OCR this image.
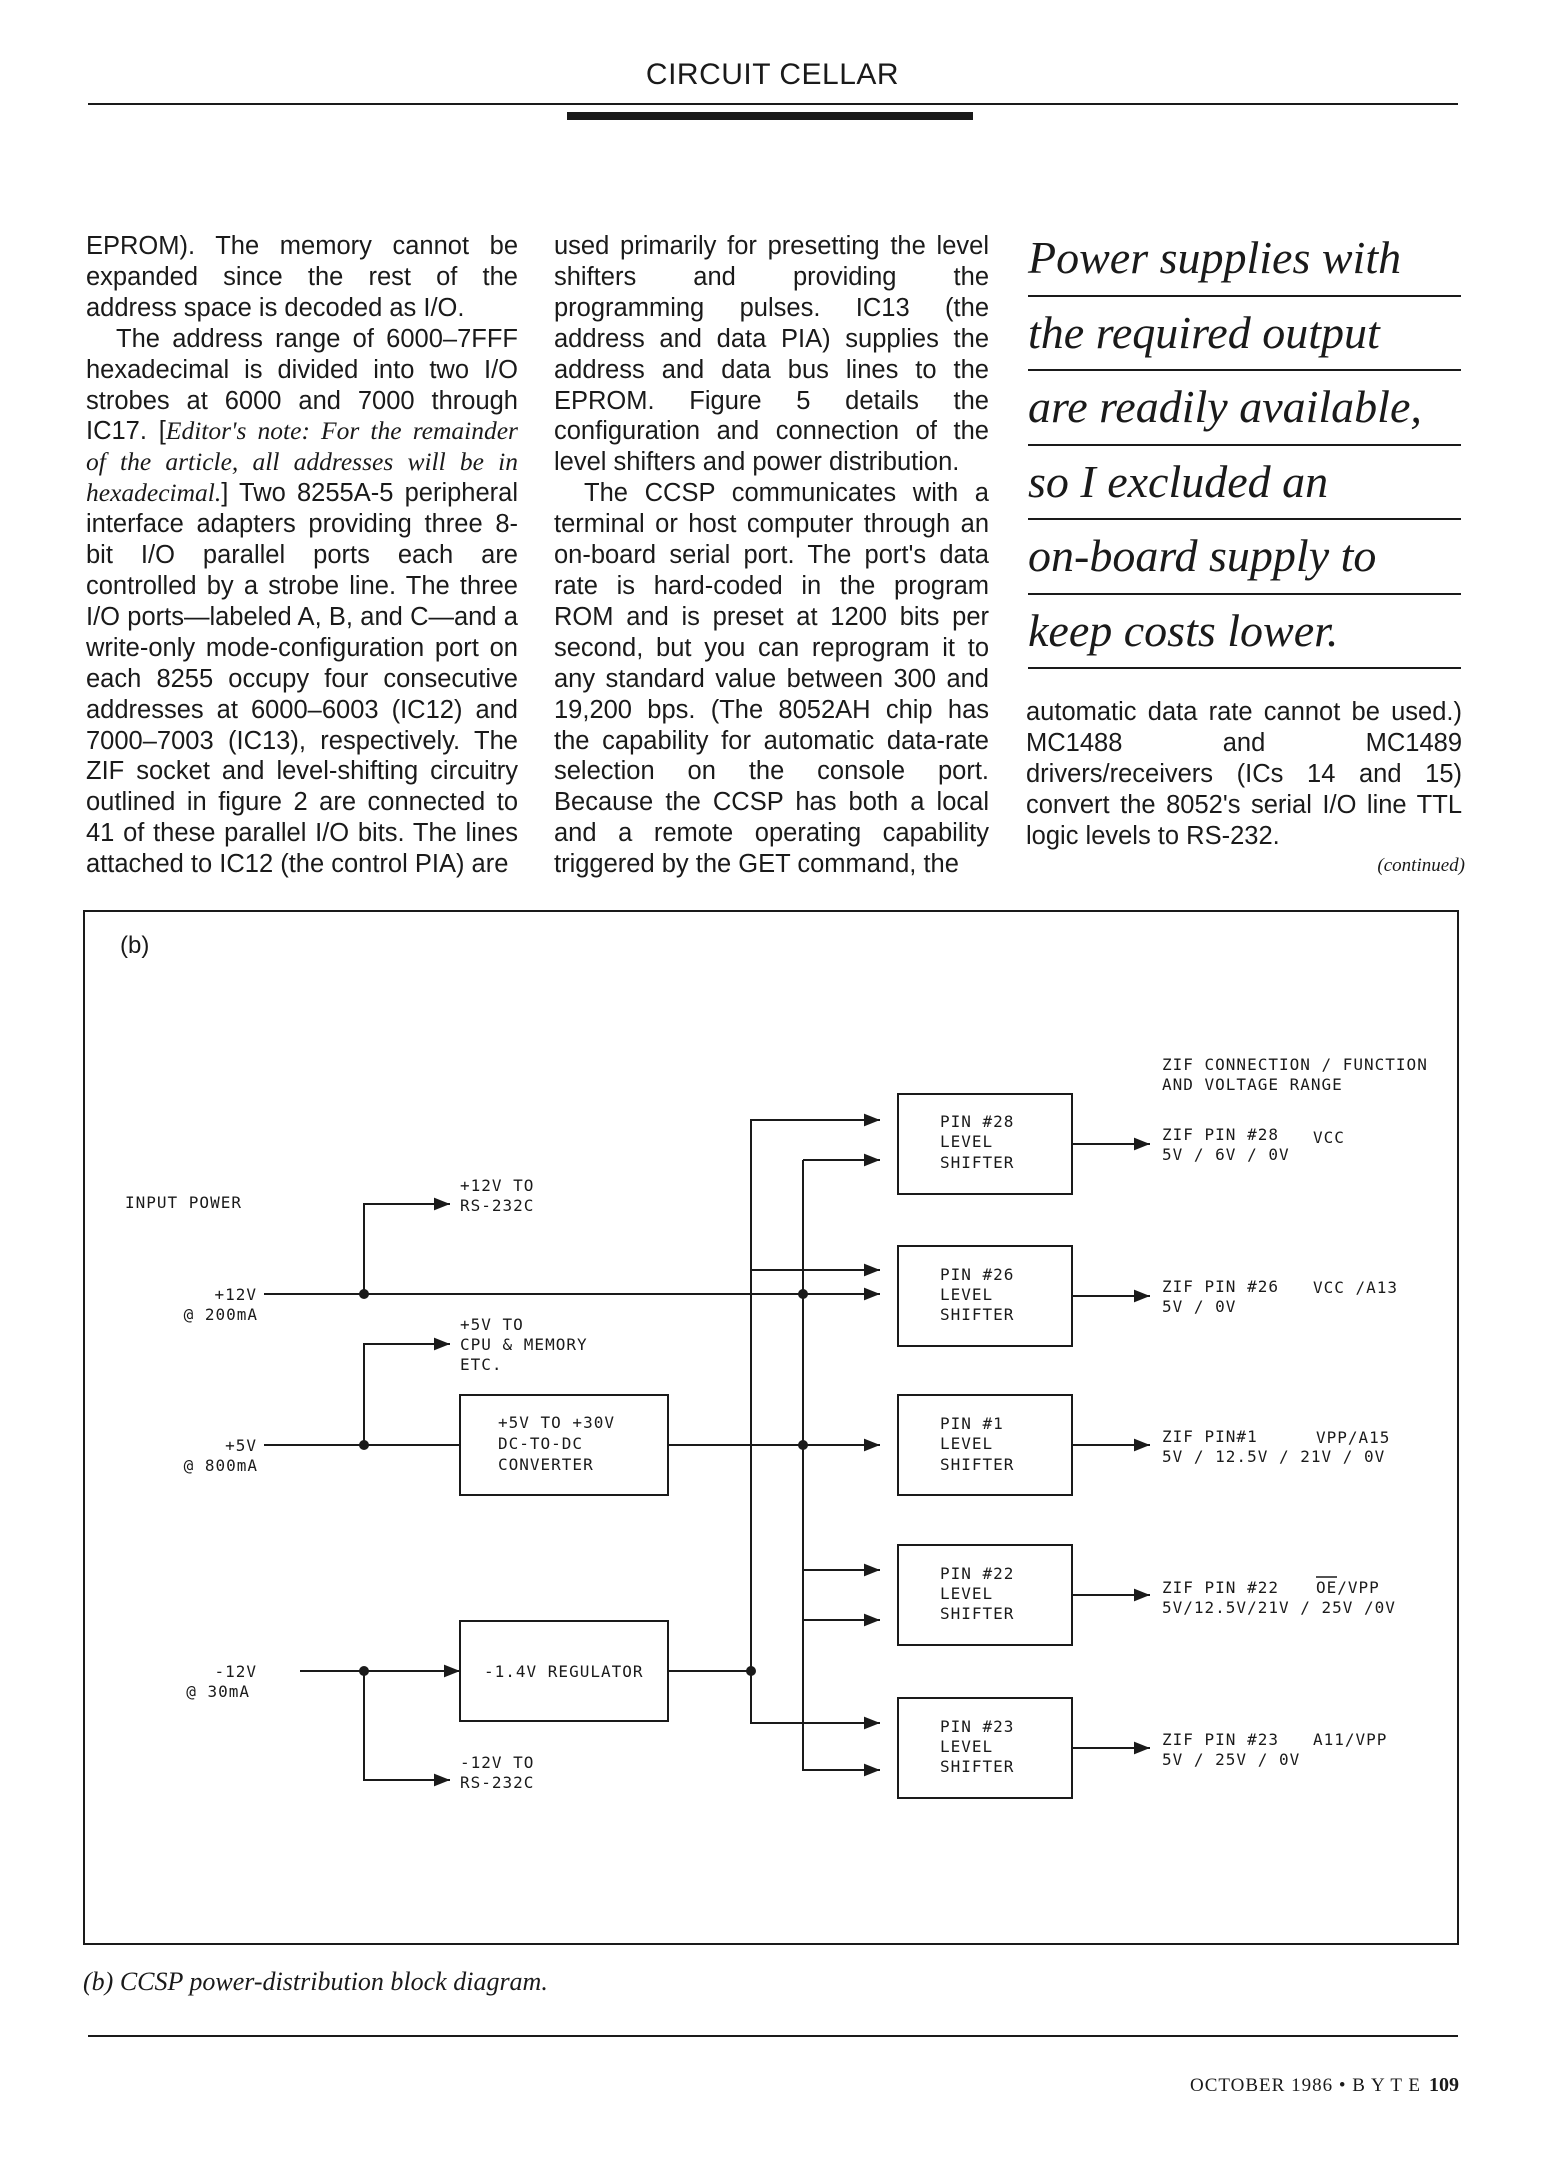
CIRCUIT CELLAR

EPROM). The memory cannot be expanded since the rest of the address space is decoded as I/O.

The address range of 6000–7FFF hexadecimal is divided into two I/O strobes at 6000 and 7000 through IC17. [Editor's note: For the remainder of the article, all addresses will be in hexadecimal.] Two 8255A-5 peripheral interface adapters providing three 8-bit I/O parallel ports each are controlled by a strobe line. The three I/O ports—labeled A, B, and C—and a write-only mode-configuration port on each 8255 occupy four consecutive addresses at 6000–6003 (IC12) and 7000–7003 (IC13), respectively. The ZIF socket and level-shifting circuitry outlined in figure 2 are connected to 41 of these parallel I/O bits. The lines attached to IC12 (the control PIA) are

used primarily for presetting the level shifters and providing the programming pulses. IC13 (the address and data PIA) supplies the address and data bus lines to the EPROM. Figure 5 details the configuration and connection of the level shifters and power distribution.

The CCSP communicates with a terminal or host computer through an on-board serial port. The port's data rate is hard-coded in the program ROM and is preset at 1200 bits per second, but you can reprogram it to any standard value between 300 and 19,200 bps. (The 8052AH chip has the capability for automatic data-rate selection on the console port. Because the CCSP has both a local and a remote operating capability triggered by the GET command, the

Power supplies with
the required output
are readily available,
so I excluded an
on-board supply to
keep costs lower.

automatic data rate cannot be used.) MC1488 and MC1489 drivers/receivers (ICs 14 and 15) convert the 8052's serial I/O line TTL logic levels to RS-232.

(continued)
(b)
INPUT POWER
+12V
@ 200mA
+5V
@ 800mA
-12V
@ 30mA
+12V TO
RS-232C
+5V TO
CPU & MEMORY
ETC.
-12V TO
RS-232C
+5V TO +30V
DC-TO-DC
CONVERTER
-1.4V REGULATOR
PIN #28
LEVEL
SHIFTER
PIN #26
LEVEL
SHIFTER
PIN #1
LEVEL
SHIFTER
PIN #22
LEVEL
SHIFTER
PIN #23
LEVEL
SHIFTER
ZIF CONNECTION / FUNCTION
AND VOLTAGE RANGE
ZIF PIN #28 VCC
5V / 6V / 0V
ZIF PIN #26 VCC /A13
5V / 0V
ZIF PIN#1	VPP/A15
5V / 12.5V / 21V / 0V
ZIF PIN #22 OE/VPP
5V/12.5V/21V / 25V /0V
ZIF PIN #23 A11/VPP
5V / 25V / 0V
(b) CCSP power-distribution block diagram.
OCTOBER 1986 • B Y T E 109
